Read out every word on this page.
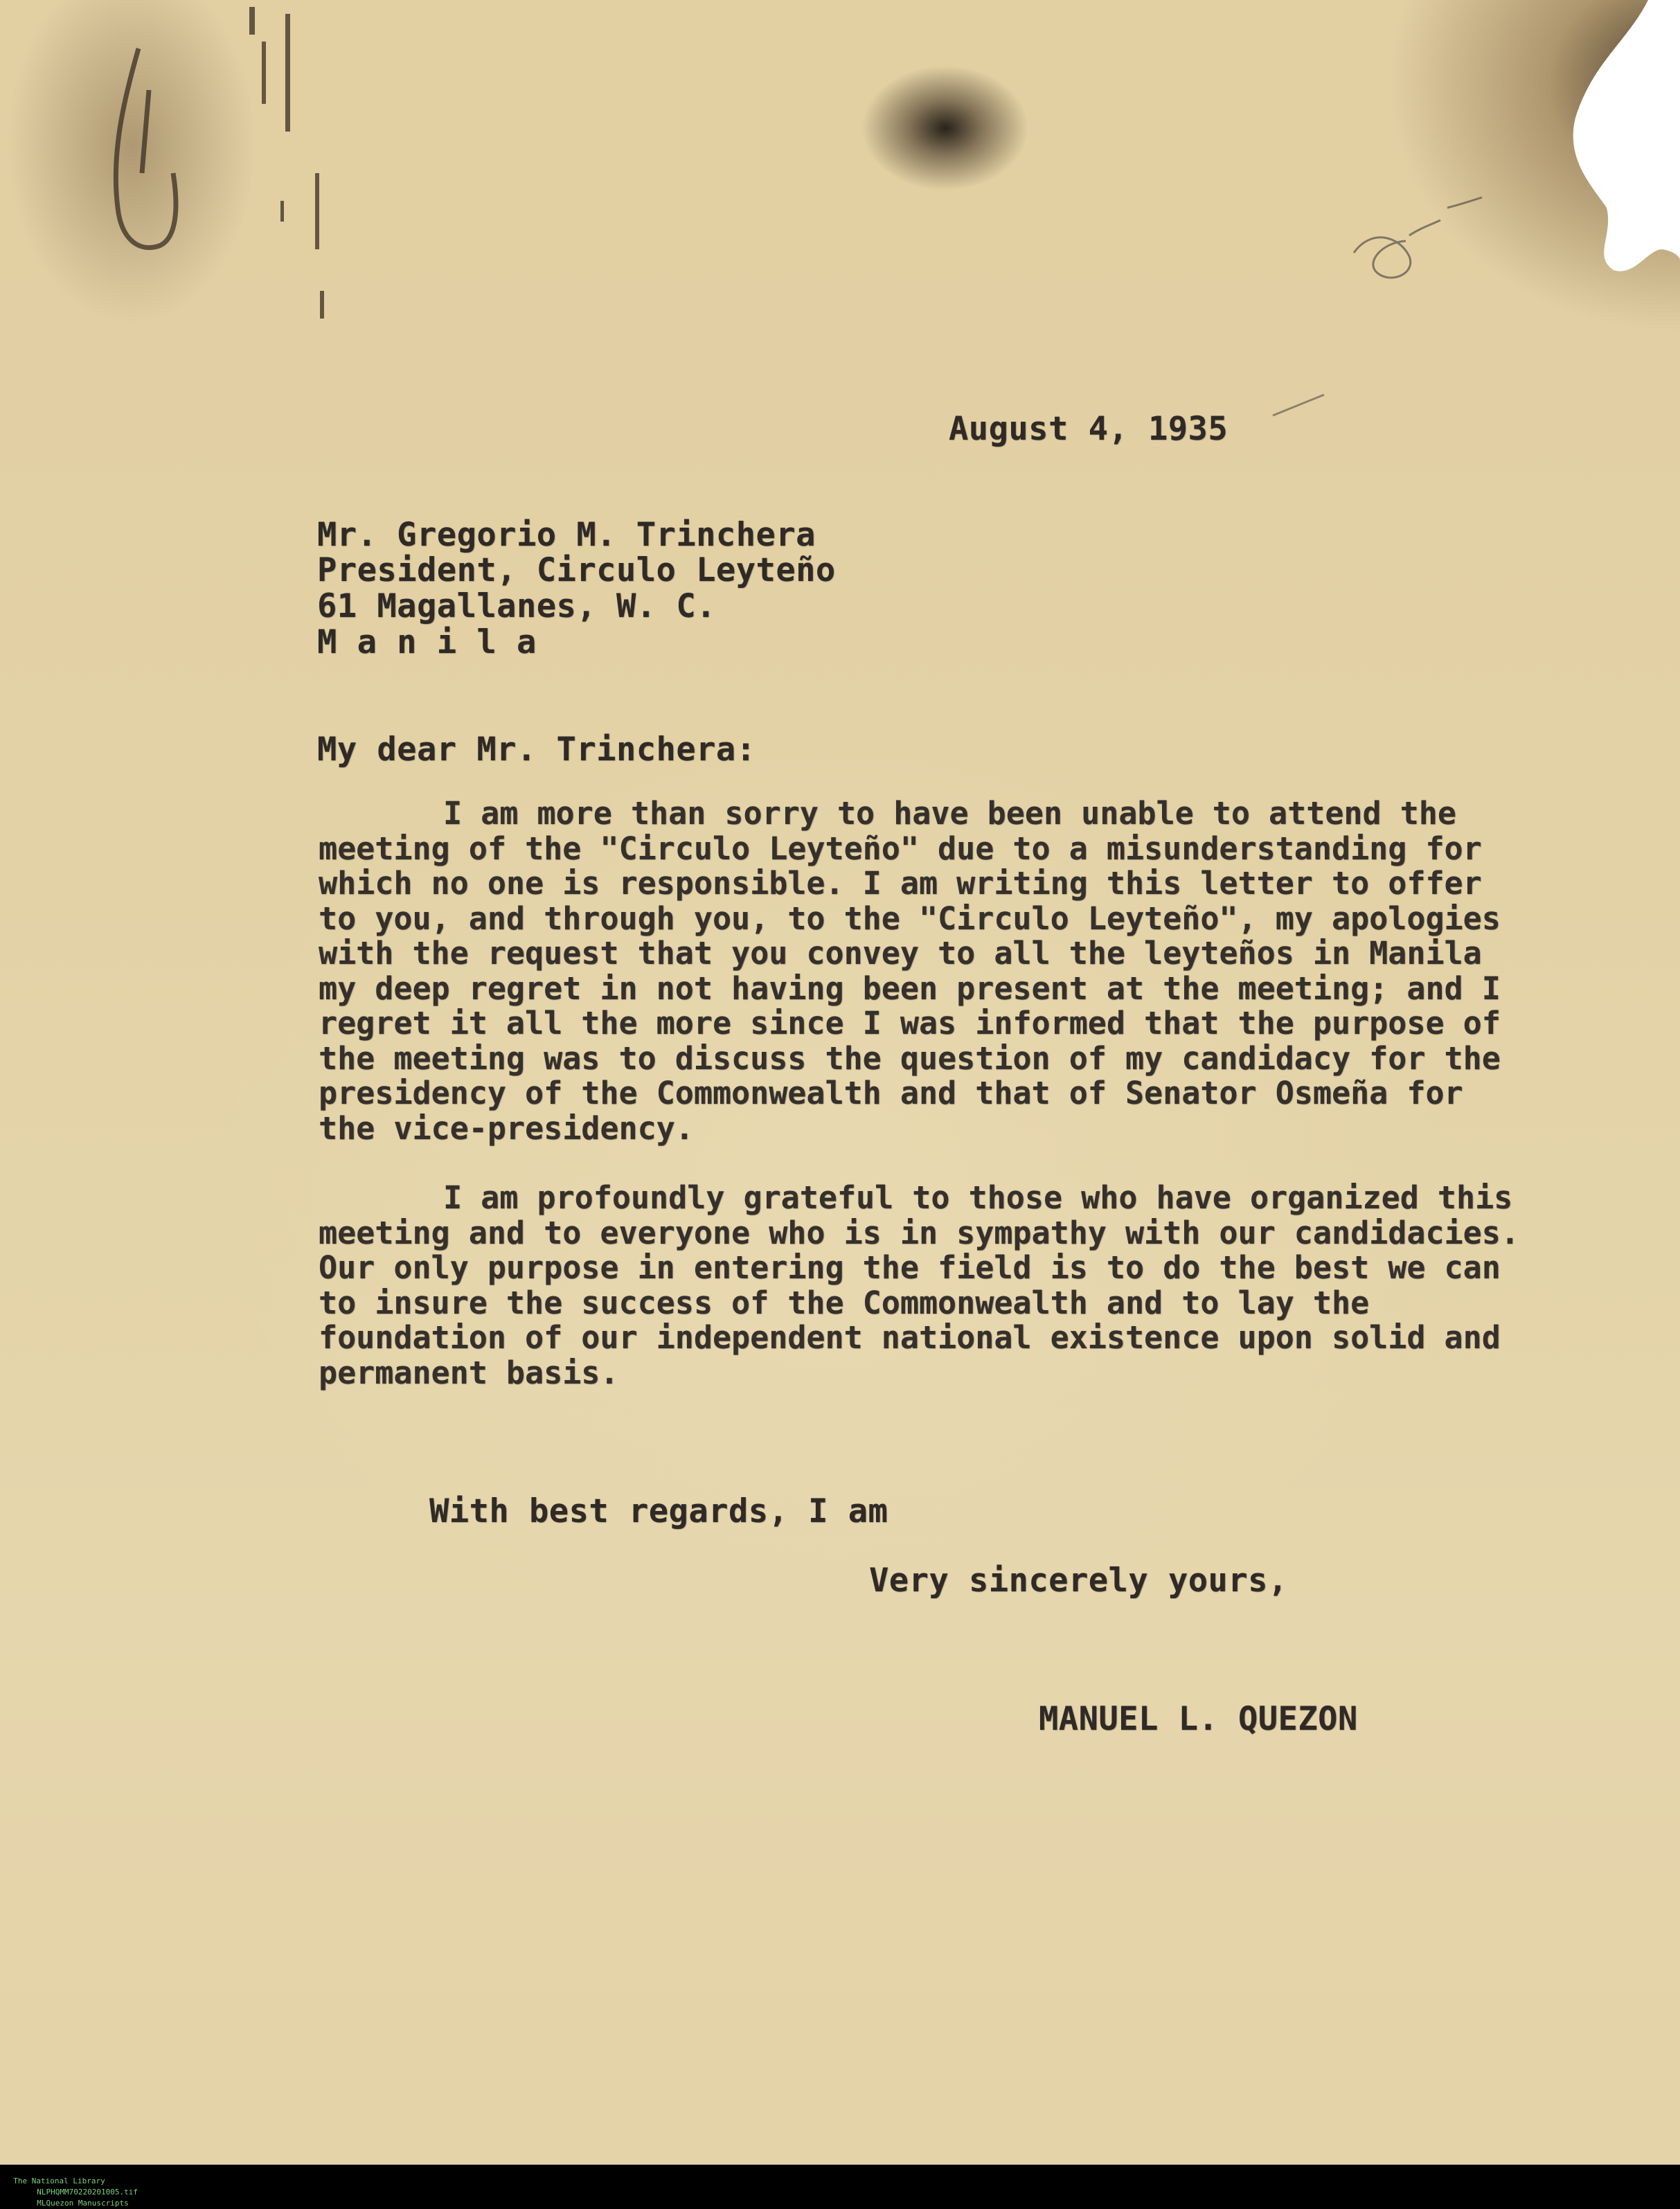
August 4, 1935
Mr. Gregorio M. Trinchera
President, Circulo Leyteño
61 Magallanes, W. C.
M a n i l a
My dear Mr. Trinchera:

I am more than sorry to have been unable to attend the meeting of the "Circulo Leyteño" due to a misunderstanding for which no one is responsible. I am writing this letter to offer to you, and through you, to the "Circulo Leyteño", my apologies with the request that you convey to all the leyteños in Manila my deep regret in not having been present at the meeting; and I regret it all the more since I was informed that the purpose of the meeting was to discuss the question of my candidacy for the presidency of the Commonwealth and that of Senator Osmeña for the vice-presidency.

I am profoundly grateful to those who have organized this meeting and to everyone who is in sympathy with our candidacies. Our only purpose in entering the field is to do the best we can to insure the success of the Commonwealth and to lay the foundation of our independent national existence upon solid and permanent basis.

With best regards, I am
Very sincerely yours,
MANUEL L. QUEZON

The National Library
NLPHQMM70220201005.tif
MLQuezon Manuscripts
